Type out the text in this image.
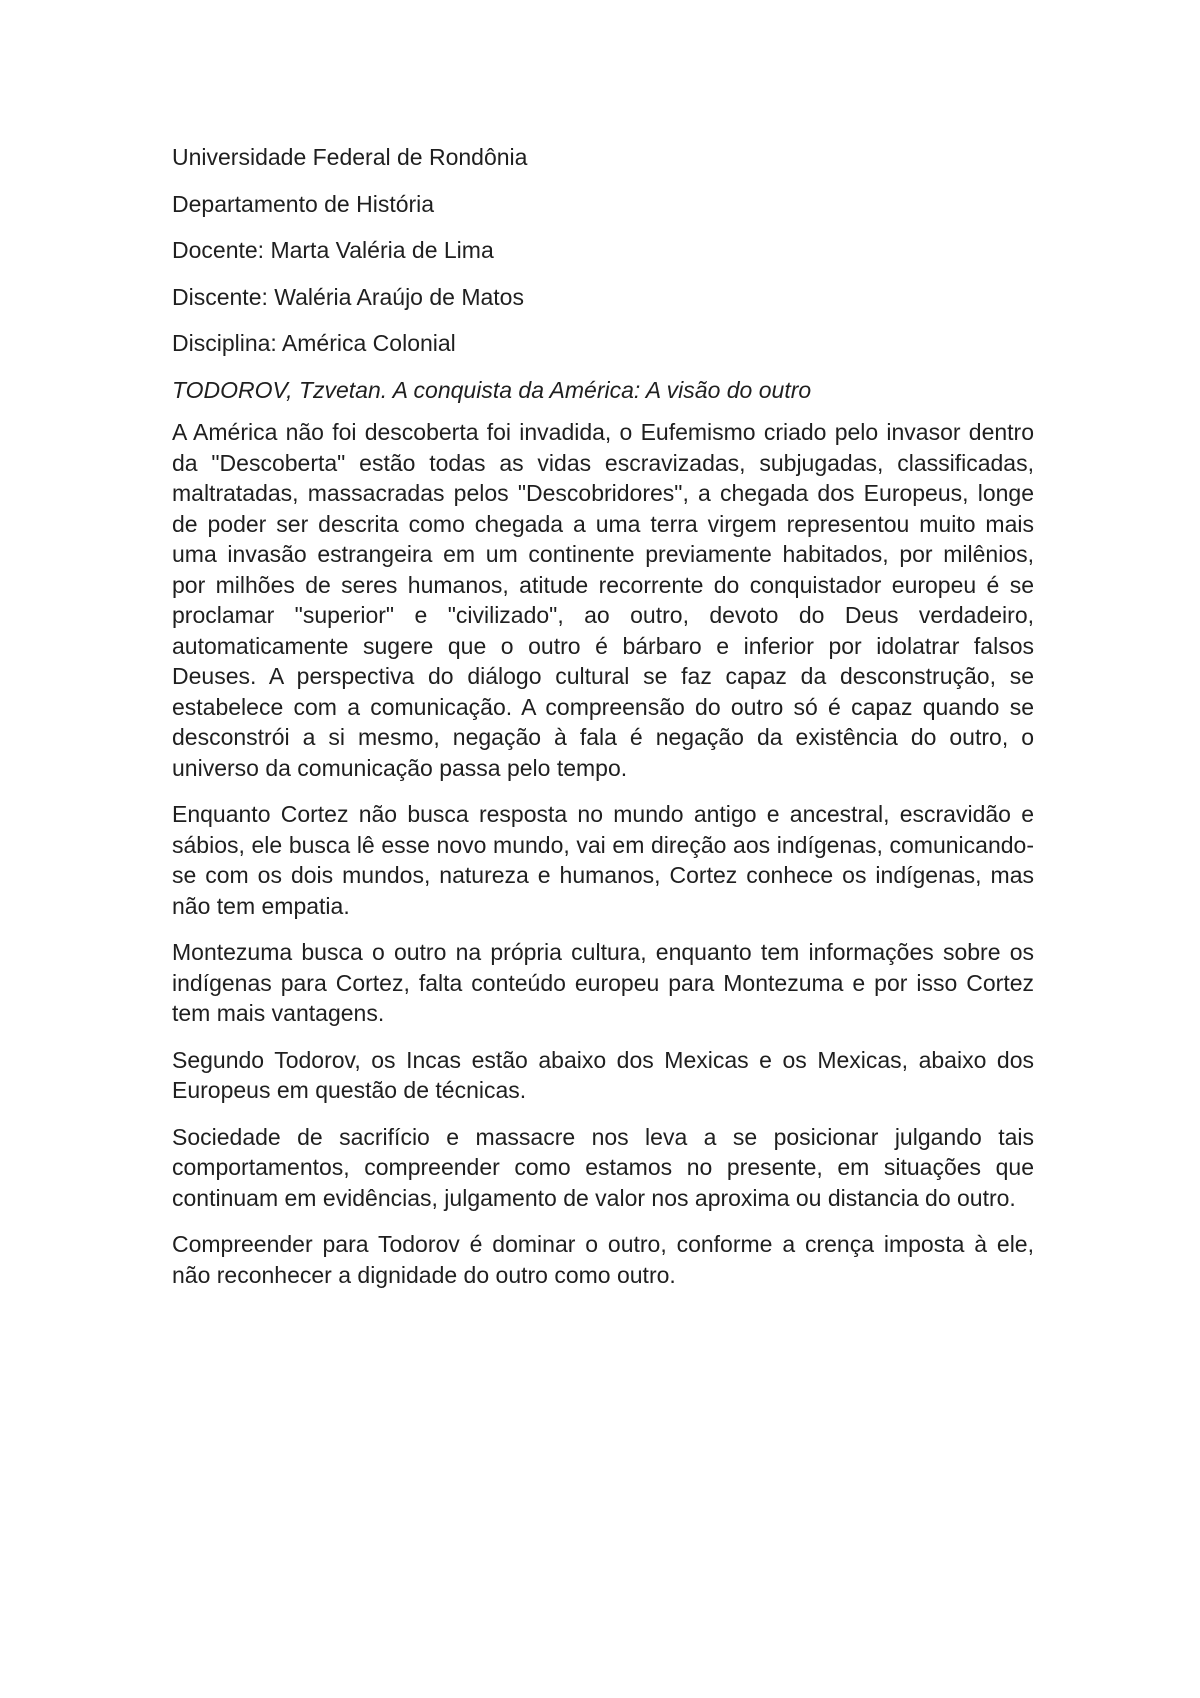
Universidade Federal de Rondônia
Departamento de História
Docente: Marta Valéria de Lima
Discente: Waléria Araújo de Matos
Disciplina: América Colonial
TODOROV, Tzvetan. A conquista da América: A visão do outro

A América não foi descoberta foi invadida, o Eufemismo criado pelo invasor dentro da "Descoberta" estão todas as vidas escravizadas, subjugadas, classificadas, maltratadas, massacradas pelos "Descobridores", a chegada dos Europeus, longe de poder ser descrita como chegada a uma terra virgem representou muito mais uma invasão estrangeira em um continente previamente habitados, por milênios, por milhões de seres humanos, atitude recorrente do conquistador europeu é se proclamar "superior" e "civilizado", ao outro, devoto do Deus verdadeiro, automaticamente sugere que o outro é bárbaro e inferior por idolatrar falsos Deuses. A perspectiva do diálogo cultural se faz capaz da desconstrução, se estabelece com a comunicação. A compreensão do outro só é capaz quando se desconstrói a si mesmo, negação à fala é negação da existência do outro, o universo da comunicação passa pelo tempo.

Enquanto Cortez não busca resposta no mundo antigo e ancestral, escravidão e sábios, ele busca lê esse novo mundo, vai em direção aos indígenas, comunicando- se com os dois mundos, natureza e humanos, Cortez conhece os indígenas, mas não tem empatia.

Montezuma busca o outro na própria cultura, enquanto tem informações sobre os indígenas para Cortez, falta conteúdo europeu para Montezuma e por isso Cortez tem mais vantagens.

Segundo Todorov, os Incas estão abaixo dos Mexicas e os Mexicas, abaixo dos Europeus em questão de técnicas.

Sociedade de sacrifício e massacre nos leva a se posicionar julgando tais comportamentos, compreender como estamos no presente, em situações que continuam em evidências, julgamento de valor nos aproxima ou distancia do outro.

Compreender para Todorov é dominar o outro, conforme a crença imposta à ele, não reconhecer a dignidade do outro como outro.
